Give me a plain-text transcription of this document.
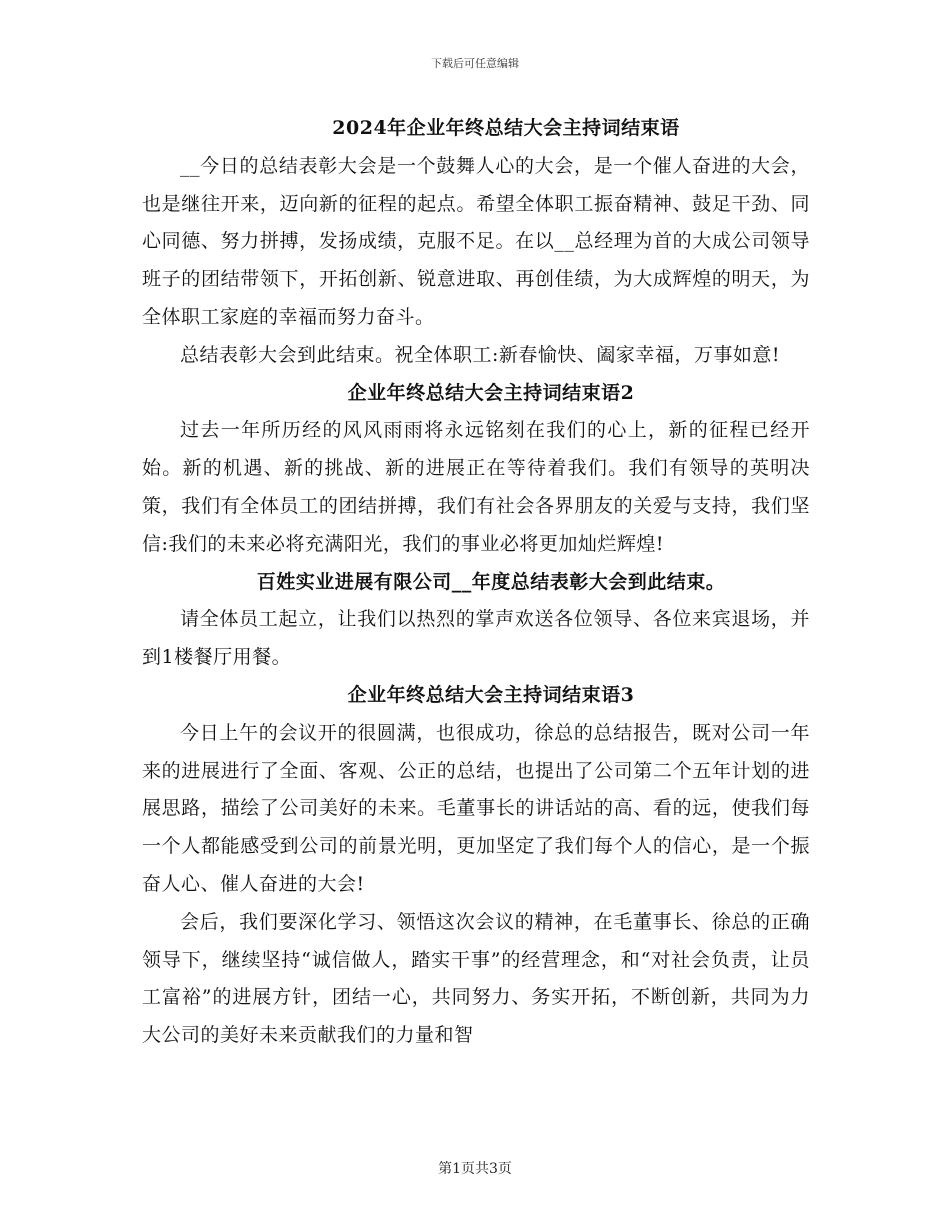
下载后可任意编辑
2024年企业年终总结大会主持词结束语

__今日的总结表彰大会是一个鼓舞人心的大会，是一个催人奋进的大会，也是继往开来，迈向新的征程的起点。希望全体职工振奋精神、鼓足干劲、同心同德、努力拼搏，发扬成绩，克服不足。在以__总经理为首的大成公司领导班子的团结带领下，开拓创新、锐意进取、再创佳绩，为大成辉煌的明天，为全体职工家庭的幸福而努力奋斗。

总结表彰大会到此结束。祝全体职工:新春愉快、阖家幸福，万事如意!

企业年终总结大会主持词结束语2

过去一年所历经的风风雨雨将永远铭刻在我们的心上，新的征程已经开始。新的机遇、新的挑战、新的进展正在等待着我们。我们有领导的英明决策，我们有全体员工的团结拼搏，我们有社会各界朋友的关爱与支持，我们坚信:我们的未来必将充满阳光，我们的事业必将更加灿烂辉煌!

百姓实业进展有限公司__年度总结表彰大会到此结束。

请全体员工起立，让我们以热烈的掌声欢送各位领导、各位来宾退场，并到1楼餐厅用餐。

企业年终总结大会主持词结束语3

今日上午的会议开的很圆满，也很成功，徐总的总结报告，既对公司一年来的进展进行了全面、客观、公正的总结，也提出了公司第二个五年计划的进展思路，描绘了公司美好的未来。毛董事长的讲话站的高、看的远，使我们每一个人都能感受到公司的前景光明，更加坚定了我们每个人的信心，是一个振奋人心、催人奋进的大会!

会后，我们要深化学习、领悟这次会议的精神，在毛董事长、徐总的正确领导下，继续坚持“诚信做人，踏实干事”的经营理念，和“对社会负责，让员工富裕”的进展方针，团结一心，共同努力、务实开拓，不断创新，共同为力大公司的美好未来贡献我们的力量和智

第1页共3页
